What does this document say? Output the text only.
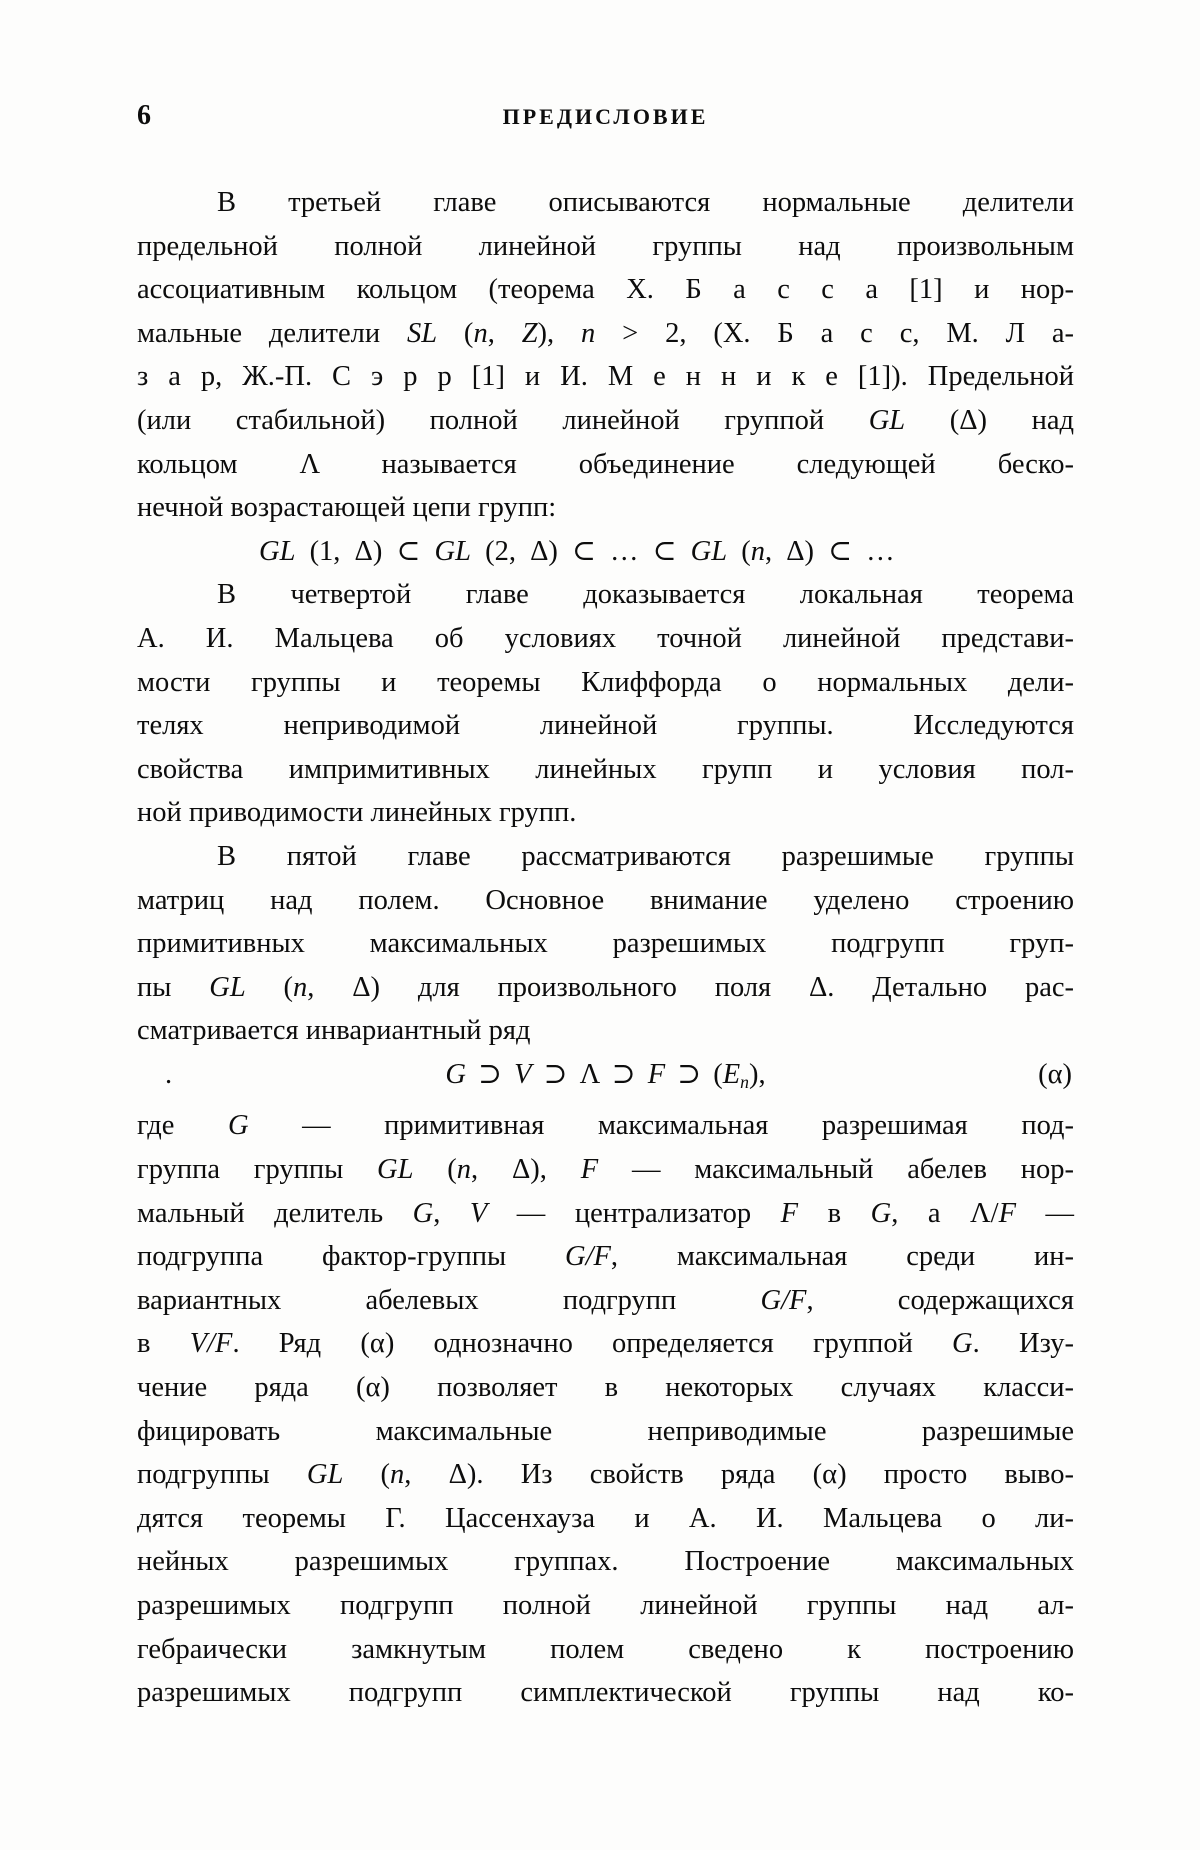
6	ПРЕДИСЛОВИЕ
В третьей главе описываются нормальные делители
предельной полной линейной группы над произвольным
ассоциативным кольцом (теорема Х. Б а с с а [1] и нор-
мальные делители SL (n, Z), n > 2, (Х. Б а с с, М. Л а-
з а р, Ж.-П. С э р р [1] и И. М е н н и к е [1]). Предельной
(или стабильной) полной линейной группой GL (Δ) над
кольцом Λ называется объединение следующей беско-
нечной возрастающей цепи групп:
GL (1, Δ) ⊂ GL (2, Δ) ⊂ … ⊂ GL (n, Δ) ⊂ …
В четвертой главе доказывается локальная теорема
А. И. Мальцева об условиях точной линейной представи-
мости группы и теоремы Клиффорда о нормальных дели-
телях неприводимой линейной группы. Исследуются
свойства импримитивных линейных групп и условия пол-
ной приводимости линейных групп.
В пятой главе рассматриваются разрешимые группы
матриц над полем. Основное внимание уделено строению
примитивных максимальных разрешимых подгрупп груп-
пы GL (n, Δ) для произвольного поля Δ. Детально рас-
сматривается инвариантный ряд
.	G ⊃ V ⊃ Λ ⊃ F ⊃ $(E_n)$,	(α)
где G — примитивная максимальная разрешимая под-
группа группы GL (n, Δ), F — максимальный абелев нор-
мальный делитель G, V — централизатор F в G, а Λ/F —
подгруппа фактор-группы G/F, максимальная среди ин-
вариантных абелевых подгрупп G/F, содержащихся
в V/F. Ряд (α) однозначно определяется группой G. Изу-
чение ряда (α) позволяет в некоторых случаях класси-
фицировать максимальные неприводимые разрешимые
подгруппы GL (n, Δ). Из свойств ряда (α) просто выво-
дятся теоремы Г. Цассенхауза и А. И. Мальцева о ли-
нейных разрешимых группах. Построение максимальных
разрешимых подгрупп полной линейной группы над ал-
гебраически замкнутым полем сведено к построению
разрешимых подгрупп симплектической группы над ко-
